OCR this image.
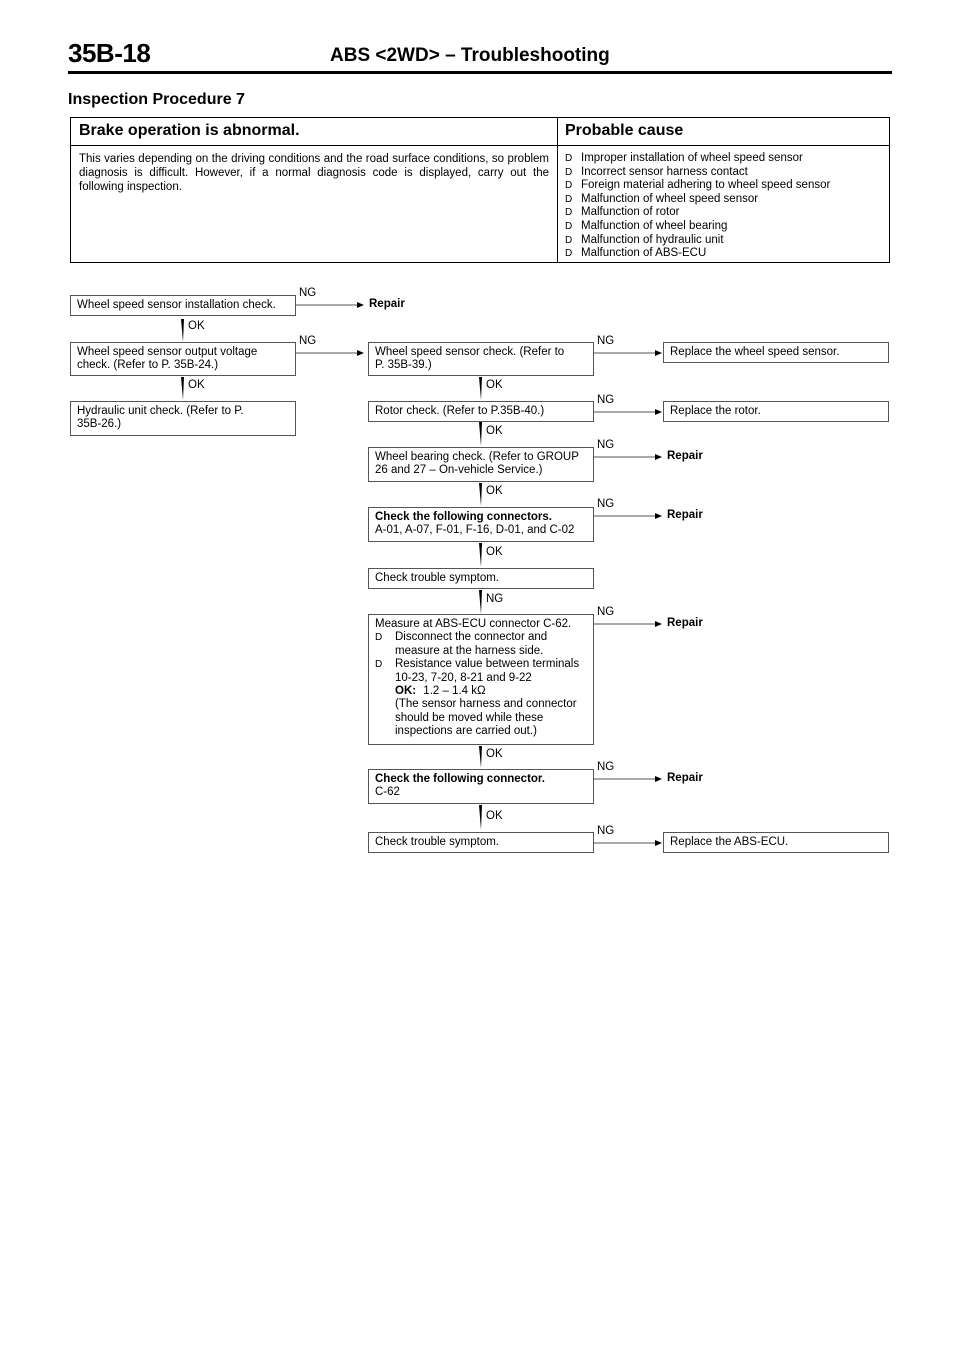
35B-18	ABS <2WD> – Troubleshooting
Inspection Procedure 7
Brake operation is abnormal.	Probable cause
This varies depending on the driving conditions and the road surface conditions, so problem diagnosis is difficult. However, if a normal diagnosis code is displayed, carry out the following inspection.
D Improper installation of wheel speed sensor
D Incorrect sensor harness contact
D Foreign material adhering to wheel speed sensor
D Malfunction of wheel speed sensor
D Malfunction of rotor
D Malfunction of wheel bearing
D Malfunction of hydraulic unit
D Malfunction of ABS-ECU
Wheel speed sensor installation check.
Wheel speed sensor output voltage
check. (Refer to P. 35B-24.)
Hydraulic unit check. (Refer to P.
35B-26.)
Wheel speed sensor check. (Refer to
P. 35B-39.)
Rotor check. (Refer to P.35B-40.)
Wheel bearing check. (Refer to GROUP
26 and 27 – On-vehicle Service.)
Check the following connectors.
A-01, A-07, F-01, F-16, D-01, and C-02
Check trouble symptom.
Measure at ABS-ECU connector C-62.
D Disconnect the connector and
measure at the harness side.
D Resistance value between terminals
10-23, 7-20, 8-21 and 9-22
OK: 1.2 – 1.4 kΩ
(The sensor harness and connector
should be moved while these
inspections are carried out.)
Check the following connector.
C-62
Check trouble symptom.
Replace the wheel speed sensor.
Replace the rotor.
Replace the ABS-ECU.
Repair
Repair
Repair
Repair
Repair
NG
NG	NG
NG
NG
NG
NG
NG
NG
NG
OK
OK	OK
OK
OK
OK
OK
OK
